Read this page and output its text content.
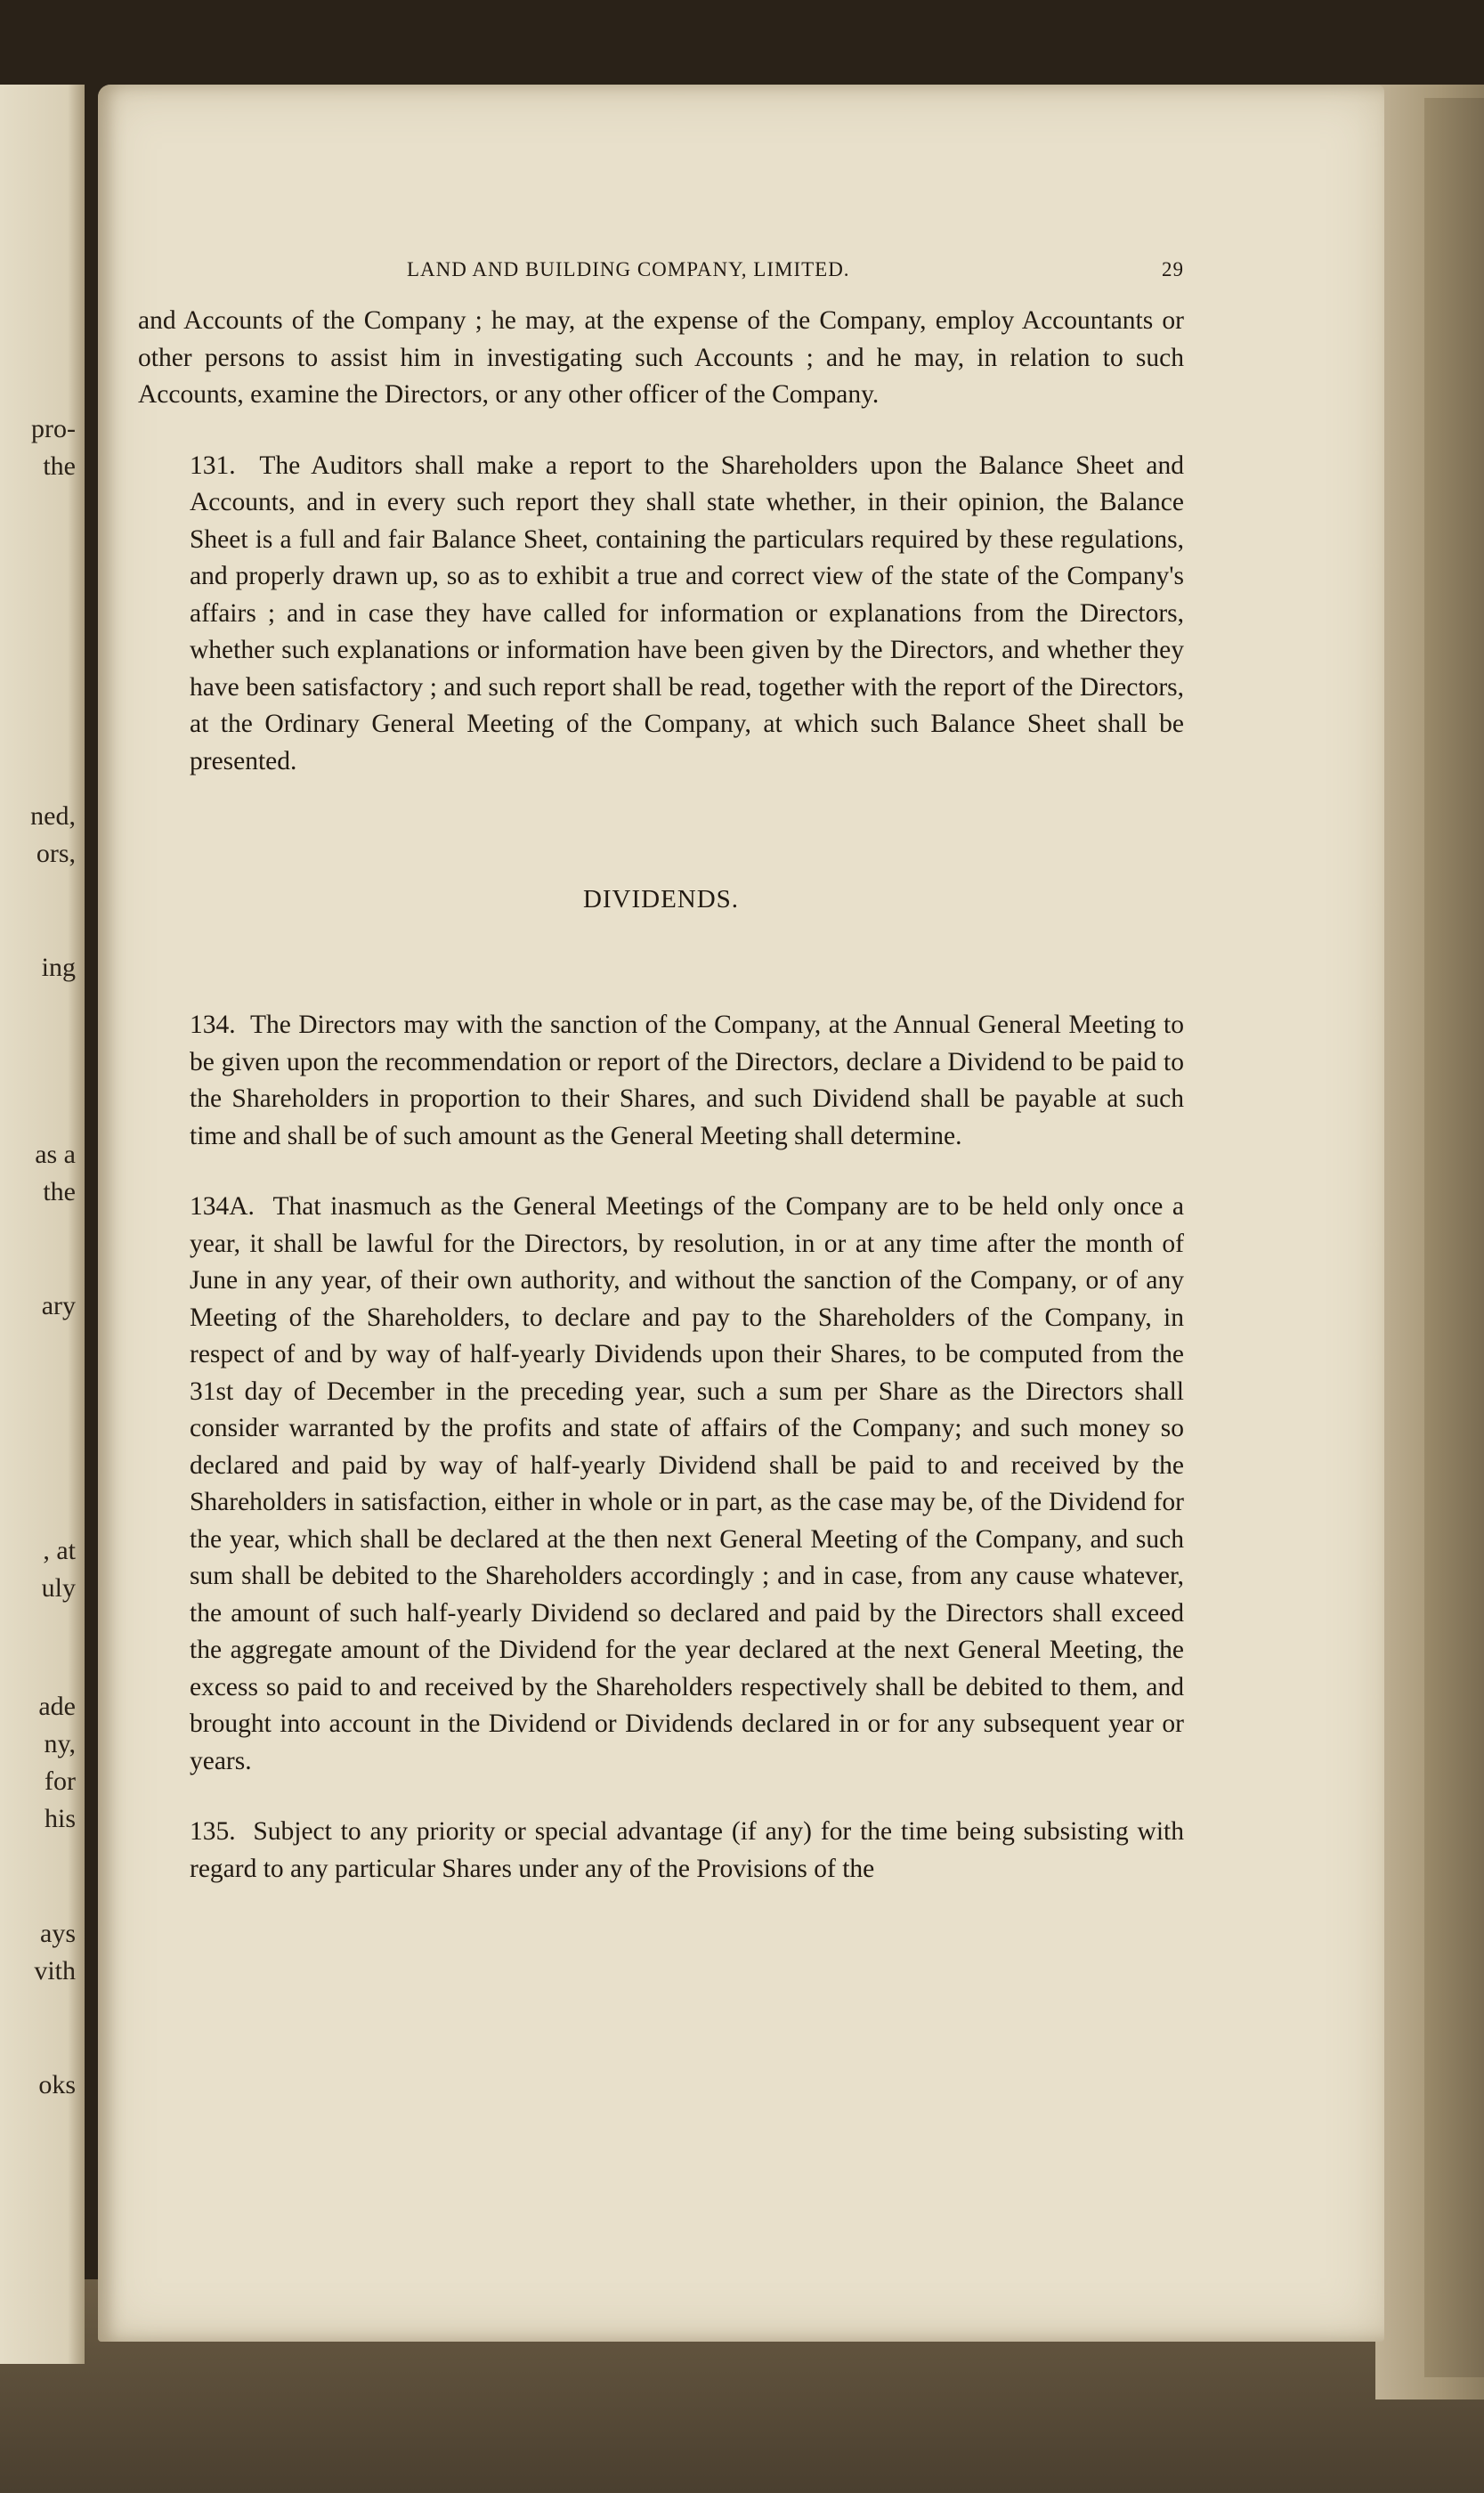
pro-
the
ned,
ors,
ing
as a
the
ary
, at
uly
ade
ny,
for
his
ays
vith
oks
LAND AND BUILDING COMPANY, LIMITED.	29

and Accounts of the Company ; he may, at the expense of the Company, employ Accountants or other persons to assist him in investigating such Accounts ; and he may, in relation to such Accounts, examine the Directors, or any other officer of the Company.

131. The Auditors shall make a report to the Shareholders upon the Balance Sheet and Accounts, and in every such report they shall state whether, in their opinion, the Balance Sheet is a full and fair Balance Sheet, containing the particulars required by these regulations, and properly drawn up, so as to exhibit a true and correct view of the state of the Company's affairs ; and in case they have called for information or explanations from the Directors, whether such explanations or information have been given by the Directors, and whether they have been satisfactory ; and such report shall be read, together with the report of the Directors, at the Ordinary General Meeting of the Company, at which such Balance Sheet shall be presented.

DIVIDENDS.

134. The Directors may with the sanction of the Company, at the Annual General Meeting to be given upon the recommendation or report of the Directors, declare a Dividend to be paid to the Shareholders in proportion to their Shares, and such Dividend shall be payable at such time and shall be of such amount as the General Meeting shall determine.

134A. That inasmuch as the General Meetings of the Company are to be held only once a year, it shall be lawful for the Directors, by resolution, in or at any time after the month of June in any year, of their own authority, and without the sanction of the Company, or of any Meeting of the Shareholders, to declare and pay to the Shareholders of the Company, in respect of and by way of half-yearly Dividends upon their Shares, to be computed from the 31st day of December in the preceding year, such a sum per Share as the Directors shall consider warranted by the profits and state of affairs of the Company; and such money so declared and paid by way of half-yearly Dividend shall be paid to and received by the Shareholders in satisfaction, either in whole or in part, as the case may be, of the Dividend for the year, which shall be declared at the then next General Meeting of the Company, and such sum shall be debited to the Shareholders accordingly ; and in case, from any cause whatever, the amount of such half-yearly Dividend so declared and paid by the Directors shall exceed the aggregate amount of the Dividend for the year declared at the next General Meeting, the excess so paid to and received by the Shareholders respectively shall be debited to them, and brought into account in the Dividend or Dividends declared in or for any subsequent year or years.

135. Subject to any priority or special advantage (if any) for the time being subsisting with regard to any particular Shares under any of the Provisions of the
